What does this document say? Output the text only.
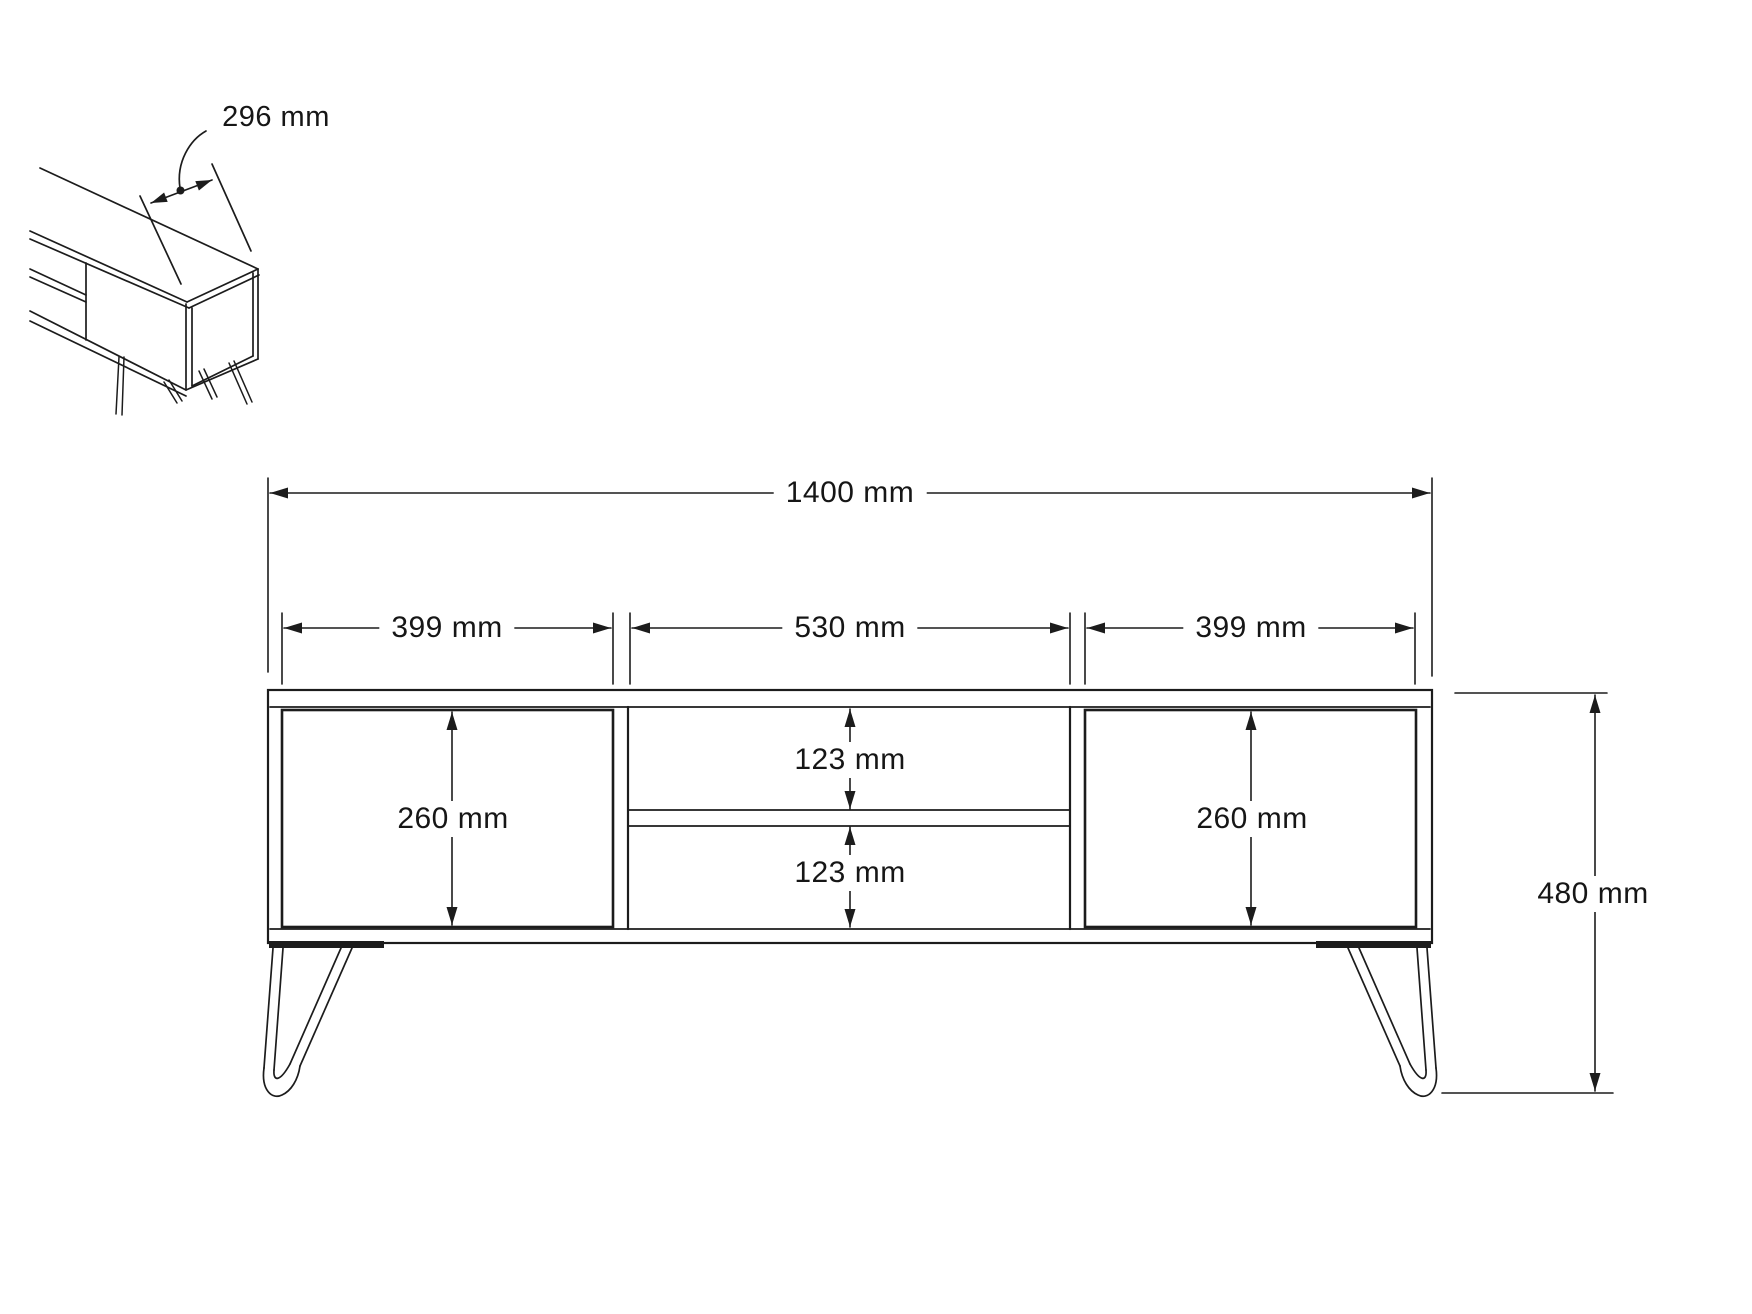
296 mm
1400 mm
399 mm	530 mm	399 mm
260 mm
123 mm
123 mm
260 mm
480 mm
